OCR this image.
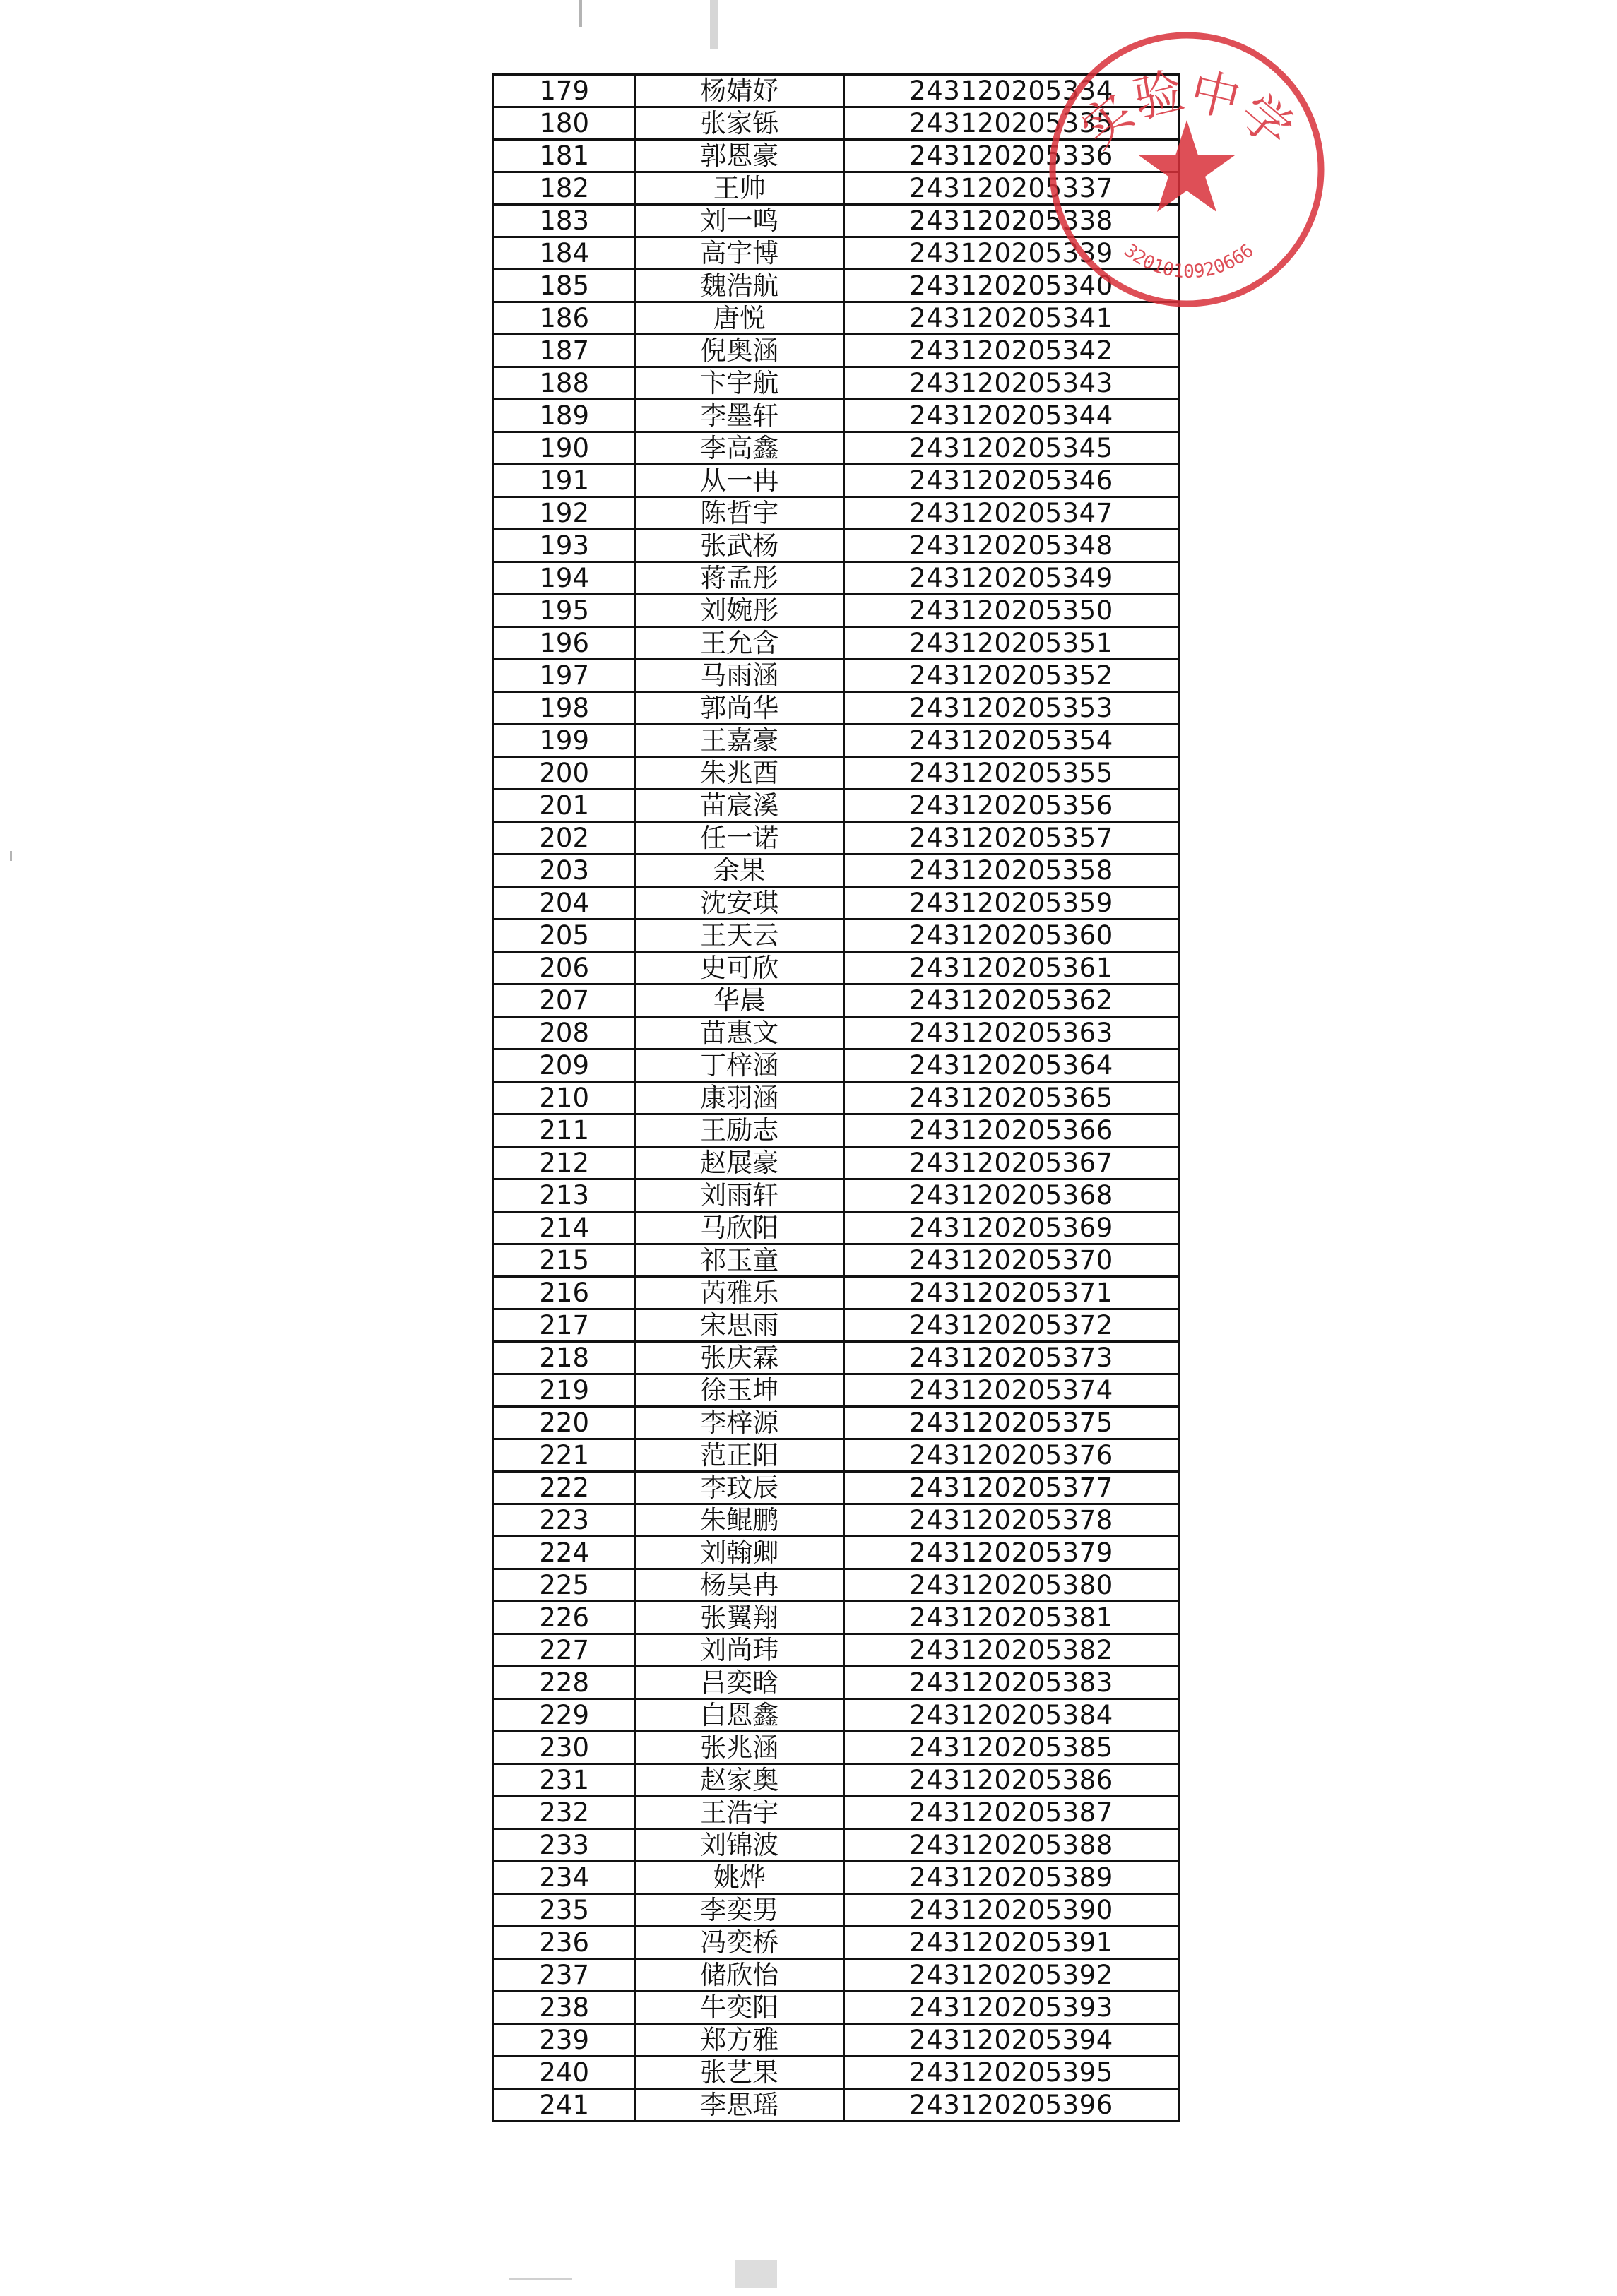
179	杨婧妤	243120205334
180	张家铄	243120205335
181	郭恩豪	243120205336
182	王帅	243120205337
183	刘一鸣	243120205338
184	高宇博	243120205339
185	魏浩航	243120205340
186	唐悦	243120205341
187	倪奥涵	243120205342
188	卞宇航	243120205343
189	李墨轩	243120205344
190	李高鑫	243120205345
191	从一冉	243120205346
192	陈哲宇	243120205347
193	张武杨	243120205348
194	蒋孟彤	243120205349
195	刘婉彤	243120205350
196	王允含	243120205351
197	马雨涵	243120205352
198	郭尚华	243120205353
199	王嘉豪	243120205354
200	朱兆酉	243120205355
201	苗宸溪	243120205356
202	任一诺	243120205357
203	余果	243120205358
204	沈安琪	243120205359
205	王天云	243120205360
206	史可欣	243120205361
207	华晨	243120205362
208	苗惠文	243120205363
209	丁梓涵	243120205364
210	康羽涵	243120205365
211	王励志	243120205366
212	赵展豪	243120205367
213	刘雨轩	243120205368
214	马欣阳	243120205369
215	祁玉童	243120205370
216	芮雅乐	243120205371
217	宋思雨	243120205372
218	张庆霖	243120205373
219	徐玉坤	243120205374
220	李梓源	243120205375
221	范正阳	243120205376
222	李玟辰	243120205377
223	朱鲲鹏	243120205378
224	刘翰卿	243120205379
225	杨昊冉	243120205380
226	张翼翔	243120205381
227	刘尚玮	243120205382
228	吕奕晗	243120205383
229	白恩鑫	243120205384
230	张兆涵	243120205385
231	赵家奥	243120205386
232	王浩宇	243120205387
233	刘锦波	243120205388
234	姚烨	243120205389
235	李奕男	243120205390
236	冯奕桥	243120205391
237	储欣怡	243120205392
238	牛奕阳	243120205393
239	郑方雅	243120205394
240	张艺果	243120205395
241	李思瑶	243120205396
实验中学
3201010920666
